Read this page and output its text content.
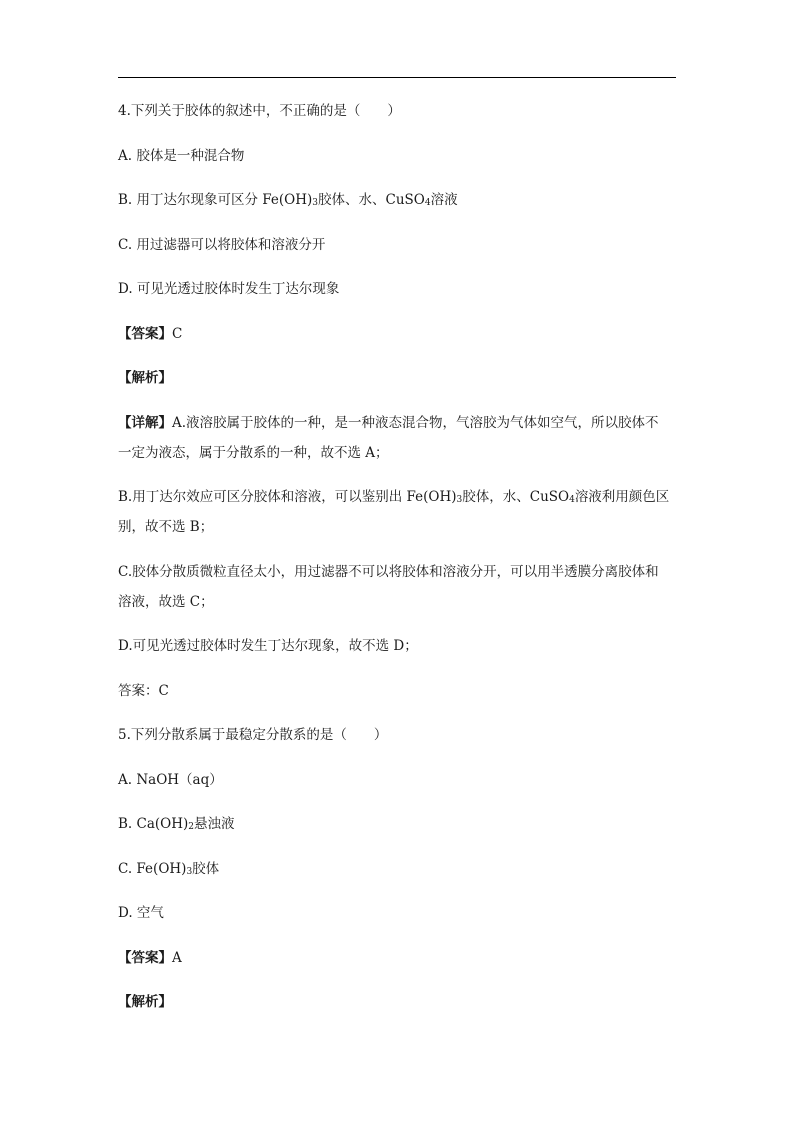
4.下列关于胶体的叙述中，不正确的是（　　）
A. 胶体是一种混合物
B. 用丁达尔现象可区分 $Fe(OH)_3$胶体、水、CuSO$_4$溶液
C. 用过滤器可以将胶体和溶液分开
D. 可见光透过胶体时发生丁达尔现象
【答案】C
【解析】
【详解】A.液溶胶属于胶体的一种，是一种液态混合物，气溶胶为气体如空气，所以胶体不
一定为液态，属于分散系的一种，故不选 A；
B.用丁达尔效应可区分胶体和溶液，可以鉴别出 $Fe(OH)_3$胶体，水、CuSO$_4$溶液利用颜色区
别，故不选 B；
C.胶体分散质微粒直径太小，用过滤器不可以将胶体和溶液分开，可以用半透膜分离胶体和
溶液，故选 C；
D.可见光透过胶体时发生丁达尔现象，故不选 D；
答案：C
5.下列分散系属于最稳定分散系的是（　　）
A. NaOH（aq）
B. $Ca(OH)_2$悬浊液
C. $Fe(OH)_3$胶体
D. 空气
【答案】A
【解析】
